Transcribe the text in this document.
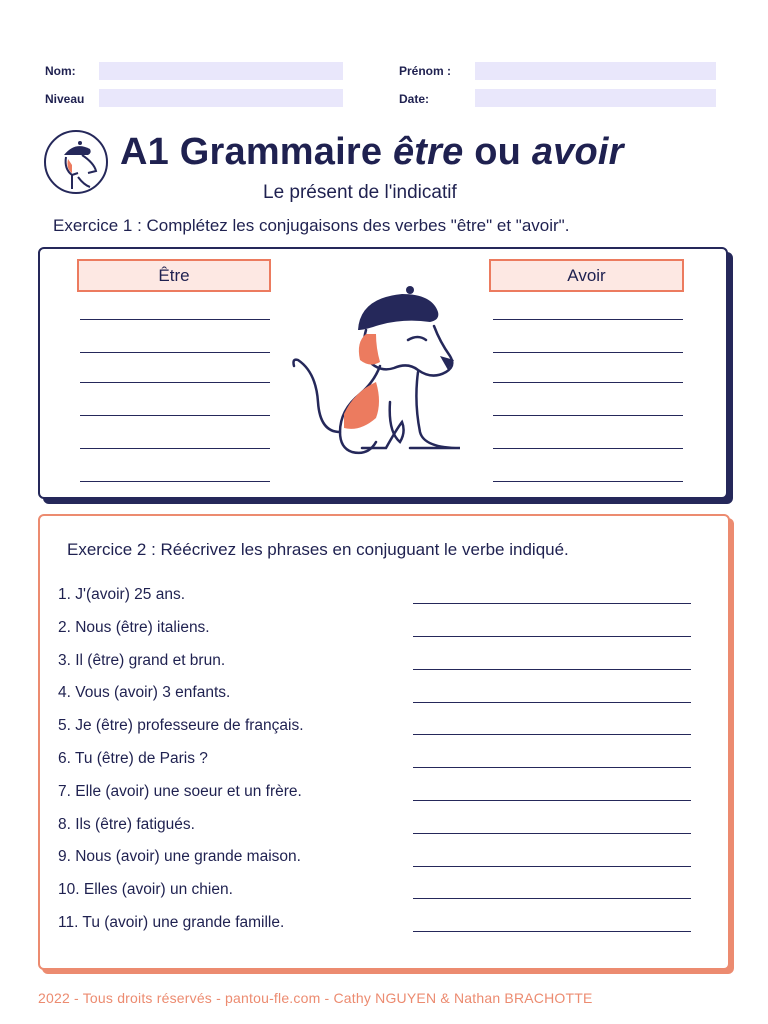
Nom:	Prénom :
Niveau	Date:
A1 Grammaire être ou avoir
Le présent de l'indicatif
Exercice 1 : Complétez les conjugaisons des verbes "être" et "avoir".
Être	Avoir
Exercice 2 : Réécrivez les phrases en conjuguant le verbe indiqué.
1. J'(avoir) 25 ans.
2. Nous (être) italiens.
3. Il (être) grand et brun.
4. Vous (avoir) 3 enfants.
5. Je (être) professeure de français.
6. Tu (être) de Paris ?
7. Elle (avoir) une soeur et un frère.
8. Ils (être) fatigués.
9. Nous (avoir) une grande maison.
10. Elles (avoir) un chien.
11. Tu (avoir) une grande famille.
2022 - Tous droits réservés - pantou-fle.com - Cathy NGUYEN & Nathan BRACHOTTE
